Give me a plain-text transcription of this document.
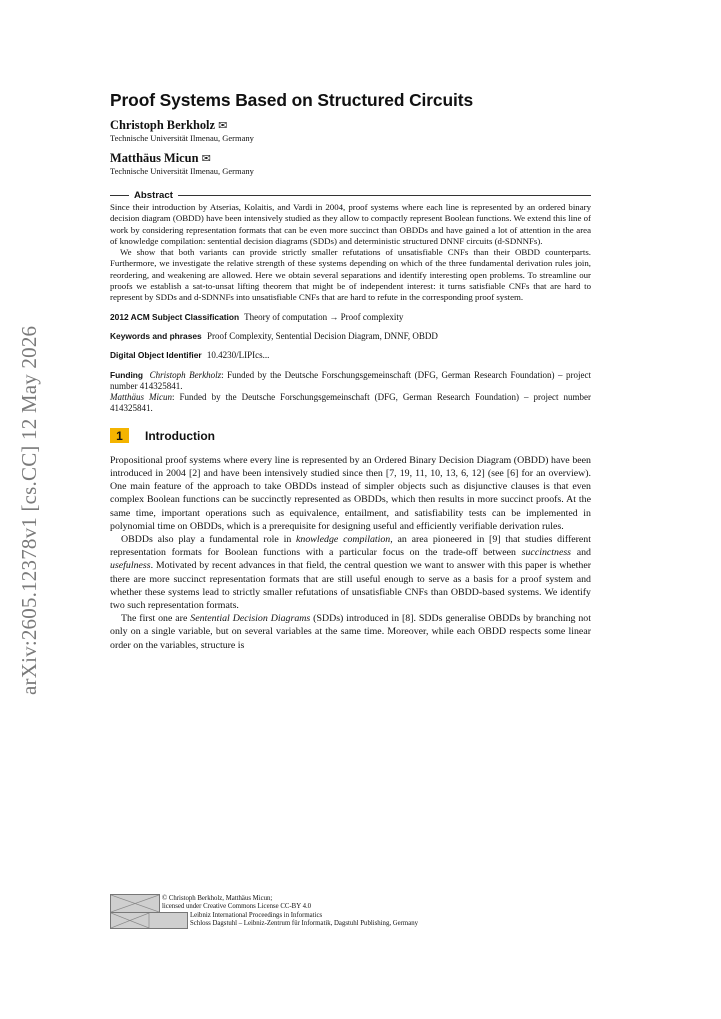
arXiv:2605.12378v1 [cs.CC] 12 May 2026
Proof Systems Based on Structured Circuits
Christoph Berkholz ✉
Technische Universität Ilmenau, Germany
Matthäus Micun ✉
Technische Universität Ilmenau, Germany
Abstract

Since their introduction by Atserias, Kolaitis, and Vardi in 2004, proof systems where each line is represented by an ordered binary decision diagram (OBDD) have been intensively studied as they allow to compactly represent Boolean functions. We extend this line of work by considering representation formats that can be even more succinct than OBDDs and have gained a lot of attention in the area of knowledge compilation: sentential decision diagrams (SDDs) and deterministic structured DNNF circuits (d-SDNNFs).

We show that both variants can provide strictly smaller refutations of unsatisfiable CNFs than their OBDD counterparts. Furthermore, we investigate the relative strength of these systems depending on which of the three fundamental derivation rules join, reordering, and weakening are allowed. Here we obtain several separations and identify interesting open problems. To streamline our proofs we establish a sat-to-unsat lifting theorem that might be of independent interest: it turns satisfiable CNFs that are hard to represent by SDDs and d-SDNNFs into unsatisfiable CNFs that are hard to refute in the corresponding proof system.

2012 ACM Subject Classification Theory of computation → Proof complexity
Keywords and phrases Proof Complexity, Sentential Decision Diagram, DNNF, OBDD
Digital Object Identifier 10.4230/LIPIcs...
Funding Christoph Berkholz: Funded by the Deutsche Forschungsgemeinschaft (DFG, German Research Foundation) – project number 414325841.
Matthäus Micun: Funded by the Deutsche Forschungsgemeinschaft (DFG, German Research Foundation) – project number 414325841.
1	Introduction

Propositional proof systems where every line is represented by an Ordered Binary Decision Diagram (OBDD) have been introduced in 2004 [2] and have been intensively studied since then [7, 19, 11, 10, 13, 6, 12] (see [6] for an overview). One main feature of the approach to take OBDDs instead of simpler objects such as disjunctive clauses is that even complex Boolean functions can be succinctly represented as OBDDs, which then results in more succinct proofs. At the same time, important operations such as equivalence, entailment, and satisfiability tests can be implemented in polynomial time on OBDDs, which is a prerequisite for designing useful and efficiently verifiable derivation rules.

OBDDs also play a fundamental role in knowledge compilation, an area pioneered in [9] that studies different representation formats for Boolean functions with a particular focus on the trade-off between succinctness and usefulness. Motivated by recent advances in that field, the central question we want to answer with this paper is whether there are more succinct representation formats that are still useful enough to serve as a basis for a proof system and whether these systems lead to strictly smaller refutations of unsatisfiable CNFs than OBDD-based systems. We identify two such representation formats.

The first one are Sentential Decision Diagrams (SDDs) introduced in [8]. SDDs generalise OBDDs by branching not only on a single variable, but on several variables at the same time. Moreover, while each OBDD respects some linear order on the variables, structure is

© Christoph Berkholz, Matthäus Micun;
licensed under Creative Commons License CC-BY 4.0
Leibniz International Proceedings in Informatics
Schloss Dagstuhl – Leibniz-Zentrum für Informatik, Dagstuhl Publishing, Germany
